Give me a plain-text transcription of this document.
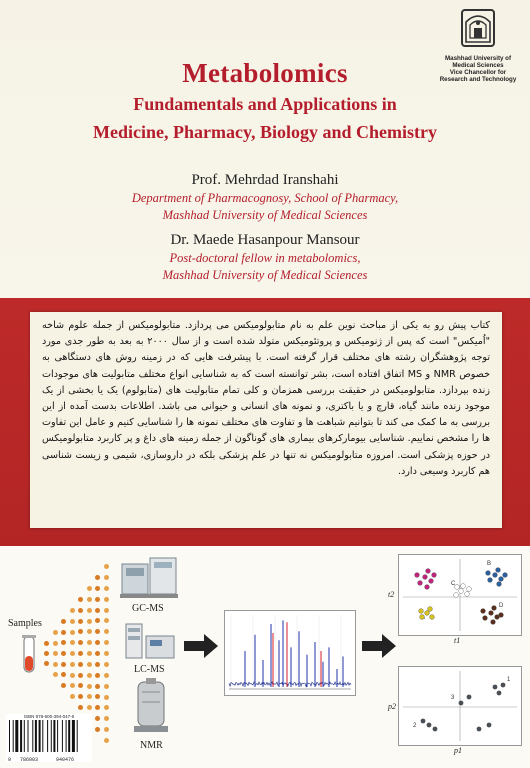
Mashhad University of
Medical Sciences
Vice Chancellor for
Research and Technology
Metabolomics
Fundamentals and Applications in
Medicine, Pharmacy, Biology and Chemistry
Prof. Mehrdad Iranshahi
Department of Pharmacognosy, School of Pharmacy,
Mashhad University of Medical Sciences
Dr. Maede Hasanpour Mansour
Post-doctoral fellow in metabolomics,
Mashhad University of Medical Sciences
کتاب پیش رو به یکی از مباحث نوین علم به نام متابولومیکس می پردازد. متابولومیکس از جمله علوم شاخه "اُمیکس" است که پس از ژنومیکس و پروتئومیکس متولد شده است و از سال ۲۰۰۰ به بعد به طور جدی مورد توجه پژوهشگران رشته های مختلف قرار گرفته است. با پیشرفت هایی که در زمینه روش های دستگاهی به خصوص NMR و MS اتفاق افتاده است، بشر توانسته است که به شناسایی انواع مختلف متابولیت های موجودات زنده بپردازد. متابولومیکس در حقیقت بررسی همزمان و کلی تمام متابولیت های (متابولوم) یک یا بخشی از یک موجود زنده مانند گیاه، قارچ و یا باکتری، و نمونه های انسانی و حیوانی می باشد. اطلاعات بدست آمده از این بررسی به ما کمک می کند تا بتوانیم شباهت ها و تفاوت های مختلف نمونه ها را شناسایی کنیم و عامل این تفاوت ها را مشخص نماییم. شناسایی بیومارکرهای بیماری های گوناگون از جمله زمینه های داغ و پر کاربرد متابولومیکس در حوزه پزشکی است. امروزه متابولومیکس نه تنها در علم پزشکی بلکه در داروسازی، شیمی و زیست شناسی هم کاربرد وسیعی دارد.
Samples
GC-MS
LC-MS
NMR
B
C
D
t2
t1
1
2
3
p2
p1
ISBN 978-600-394-047-6
9 786003	940476
